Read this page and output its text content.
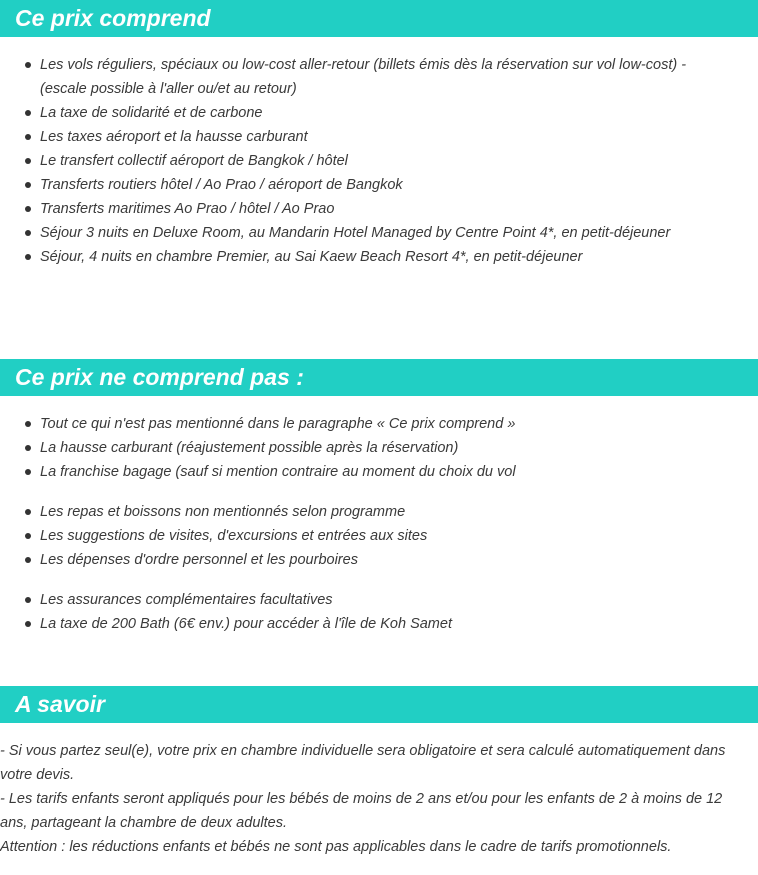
Ce prix comprend
Les vols réguliers, spéciaux ou low-cost aller-retour (billets émis dès la réservation sur vol low-cost) - (escale possible à l'aller ou/et au retour)
La taxe de solidarité et de carbone
Les taxes aéroport et la hausse carburant
Le transfert collectif aéroport de Bangkok / hôtel
Transferts routiers hôtel / Ao Prao / aéroport de Bangkok
Transferts maritimes Ao Prao / hôtel / Ao Prao
Séjour 3 nuits en Deluxe Room, au Mandarin Hotel Managed by Centre Point 4*, en petit-déjeuner
Séjour, 4 nuits en chambre Premier, au Sai Kaew Beach Resort 4*, en petit-déjeuner
Ce prix ne comprend pas :
Tout ce qui n'est pas mentionné dans le paragraphe « Ce prix comprend »
La hausse carburant (réajustement possible après la réservation)
La franchise bagage (sauf si mention contraire au moment du choix du vol
Les repas et boissons non mentionnés selon programme
Les suggestions de visites, d'excursions et entrées aux sites
Les dépenses d'ordre personnel et les pourboires
Les assurances complémentaires facultatives
La taxe de 200 Bath (6€ env.) pour accéder à l'île de Koh Samet
A savoir

- Si vous partez seul(e), votre prix en chambre individuelle sera obligatoire et sera calculé automatiquement dans votre devis.

- Les tarifs enfants seront appliqués pour les bébés de moins de 2 ans et/ou pour les enfants de 2 à moins de 12 ans, partageant la chambre de deux adultes.

Attention : les réductions enfants et bébés ne sont pas applicables dans le cadre de tarifs promotionnels.
